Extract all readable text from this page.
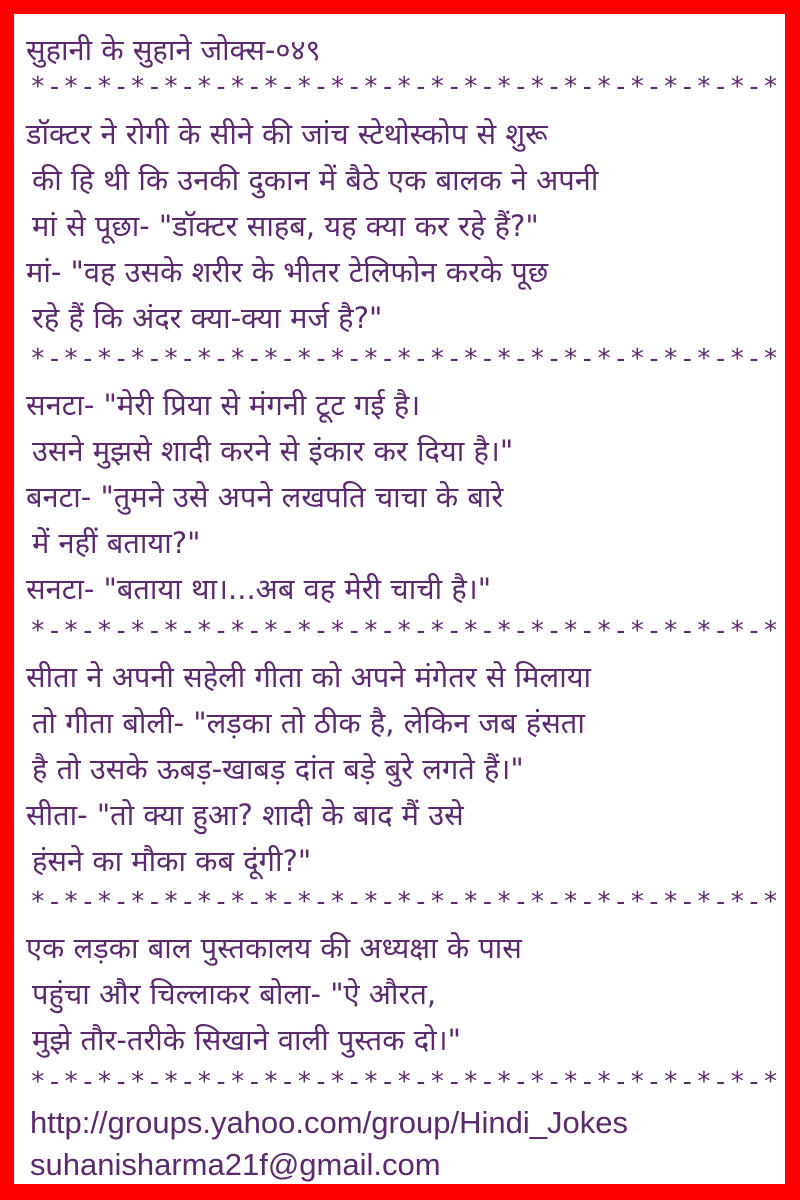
सुहानी के सुहाने जोक्स-०४९
*-*-*-*-*-*-*-*-*-*-*-*-*-*-*-*-*-*-*-*-*-*-*
डॉक्टर ने रोगी के सीने की जांच स्टेथोस्कोप से शुरू
की हि थी कि उनकी दुकान में बैठे एक बालक ने अपनी
मां से पूछा- "डॉक्टर साहब, यह क्या कर रहे हैं?"
मां- "वह उसके शरीर के भीतर टेलिफोन करके पूछ
रहे हैं कि अंदर क्या-क्या मर्ज है?"
*-*-*-*-*-*-*-*-*-*-*-*-*-*-*-*-*-*-*-*-*-*-*
सनटा- "मेरी प्रिया से मंगनी टूट गई है।
उसने मुझसे शादी करने से इंकार कर दिया है।"
बनटा- "तुमने उसे अपने लखपति चाचा के बारे
में नहीं बताया?"
सनटा- "बताया था।...अब वह मेरी चाची है।"
*-*-*-*-*-*-*-*-*-*-*-*-*-*-*-*-*-*-*-*-*-*-*
सीता ने अपनी सहेली गीता को अपने मंगेतर से मिलाया
तो गीता बोली- "लड़का तो ठीक है, लेकिन जब हंसता
है तो उसके ऊबड़-खाबड़ दांत बड़े बुरे लगते हैं।"
सीता- "तो क्या हुआ? शादी के बाद मैं उसे
हंसने का मौका कब दूंगी?"
*-*-*-*-*-*-*-*-*-*-*-*-*-*-*-*-*-*-*-*-*-*-*
एक लड़का बाल पुस्तकालय की अध्यक्षा के पास
पहुंचा और चिल्लाकर बोला- "ऐ औरत,
मुझे तौर-तरीके सिखाने वाली पुस्तक दो।"
*-*-*-*-*-*-*-*-*-*-*-*-*-*-*-*-*-*-*-*-*-*-*
http://groups.yahoo.com/group/Hindi_Jokes
suhanisharma21f@gmail.com
